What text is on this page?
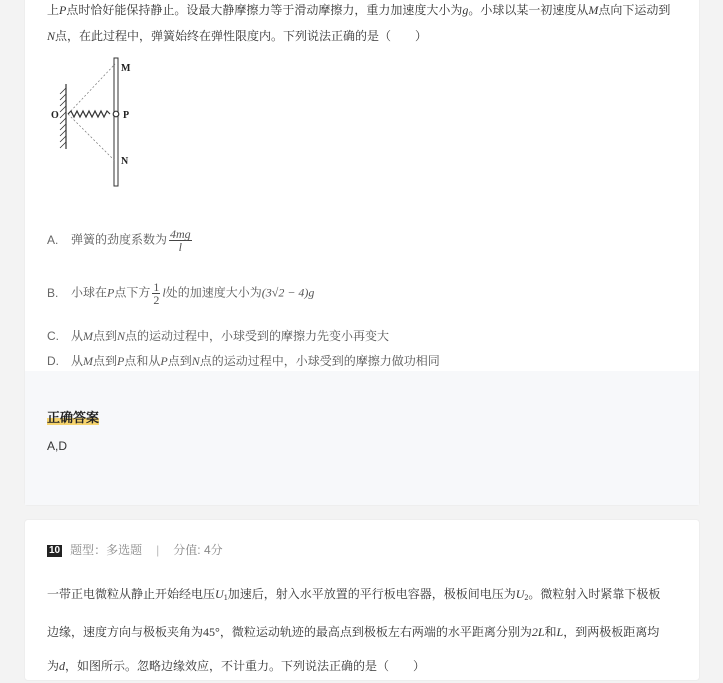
上P点时恰好能保持静止。设最大静摩擦力等于滑动摩擦力，重力加速度大小为g。小球以某一初速度从M点向下运动到
N点，在此过程中，弹簧始终在弹性限度内。下列说法正确的是（　　）
O
M
P
N
A. 弹簧的劲度系数为 $\frac{4mg}{l}$
B. 小球在P点下方 $\frac{1}{2}$ l处的加速度大小为(3√2 − 4)g
C. 从M点到N点的运动过程中，小球受到的摩擦力先变小再变大
D. 从M点到P点和从P点到N点的运动过程中，小球受到的摩擦力做功相同
正确答案
A,D
10 题型：多选题 | 分值: 4分
一带正电微粒从静止开始经电压$U_1$加速后，射入水平放置的平行板电容器，极板间电压为$U_2$。微粒射入时紧靠下极板
边缘，速度方向与极板夹角为45°，微粒运动轨迹的最高点到极板左右两端的水平距离分别为2L和L，到两极板距离均
为d，如图所示。忽略边缘效应，不计重力。下列说法正确的是（　　）
